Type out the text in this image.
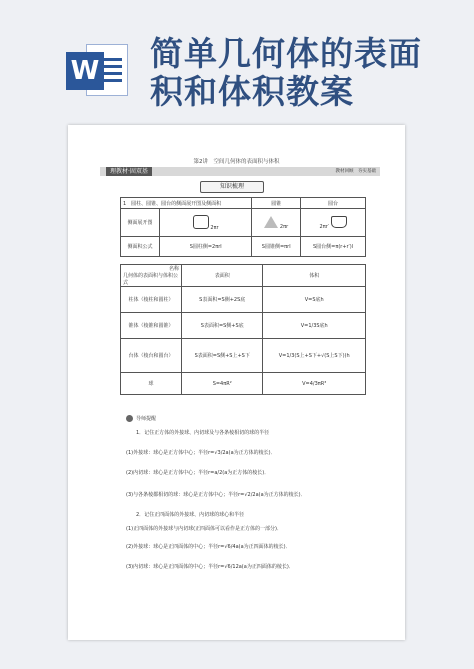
W 简单几何体的表面
积和体积教案
第2讲　空间几何体的表面积与体积
理教材·固双基	教材回顾　夯实基础
知识梳理
1　圆柱、圆锥、圆台的侧面展开图及侧面积		圆锥	圆台
侧面展开图	2πr	2πr	2πr′
侧面积公式	S圆柱侧=2πrl	S圆锥侧=πrl	S圆台侧=π(r+r′)l
名称
几何体的表面积与体积公式	表面积	体积
柱体（棱柱和圆柱）	S表面积=S侧+2S底	V=S底h
锥体（棱锥和圆锥）	S表面积=S侧+S底	V=1/3S底h
台体（棱台和圆台）	S表面积=S侧+S上+S下	V=1/3(S上+S下+√(S上S下))h
球	S=4πR²	V=4/3πR³
导师提醒
1．记住正方体的外接球、内切球及与各条棱相切的球的半径
(1)外接球：球心是正方体中心；半径r=√3/2a(a为正方体的棱长)．
(2)内切球：球心是正方体中心；半径r=a/2(a为正方体的棱长)．
(3)与各条棱都相切的球：球心是正方体中心；半径r=√2/2a(a为正方体的棱长)．
2．记住正四面体的外接球、内切球的球心和半径
(1)正四面体的外接球与内切球(正四面体可以看作是正方体的一部分)．
(2)外接球：球心是正四面体的中心；半径r=√6/4a(a为正四面体的棱长)．
(3)内切球：球心是正四面体的中心；半径r=√6/12a(a为正四面体的棱长)．
